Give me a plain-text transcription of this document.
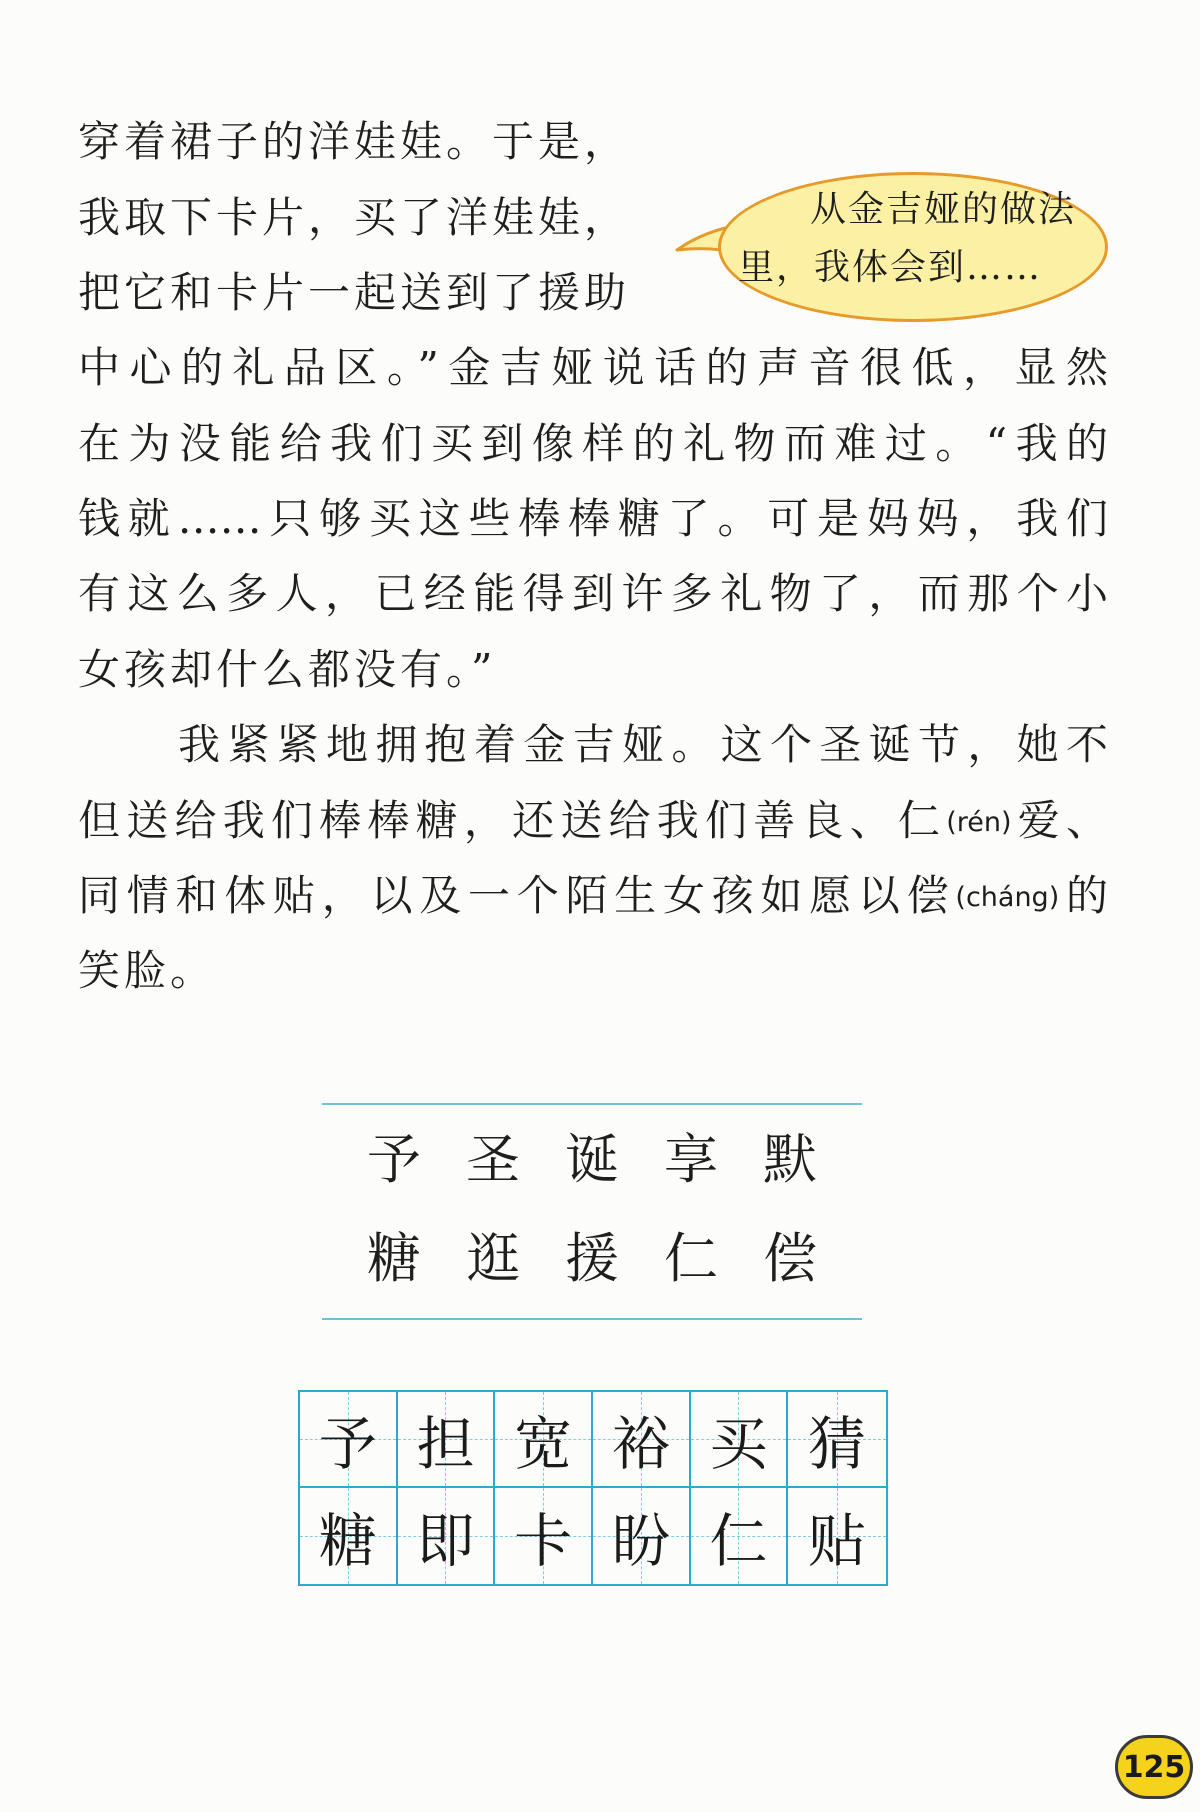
从金吉娅的做法
里，我体会到……
穿着裙子的洋娃娃。于是，
我取下卡片，买了洋娃娃，
把它和卡片一起送到了援助
中心的礼品区。”金吉娅说话的声音很低，显然
在为没能给我们买到像样的礼物而难过。“我的
钱就……只够买这些棒棒糖了。可是妈妈，我们
有这么多人，已经能得到许多礼物了，而那个小
女孩却什么都没有。”
我紧紧地拥抱着金吉娅。这个圣诞节，她不
但送给我们棒棒糖，还送给我们善良、仁(rén)爱、
同情和体贴，以及一个陌生女孩如愿以偿(cháng)的
笑脸。
予 圣 诞 享 默
糖 逛 援 仁 偿
予 担 宽 裕 买 猜
糖 即 卡 盼 仁 贴
125
